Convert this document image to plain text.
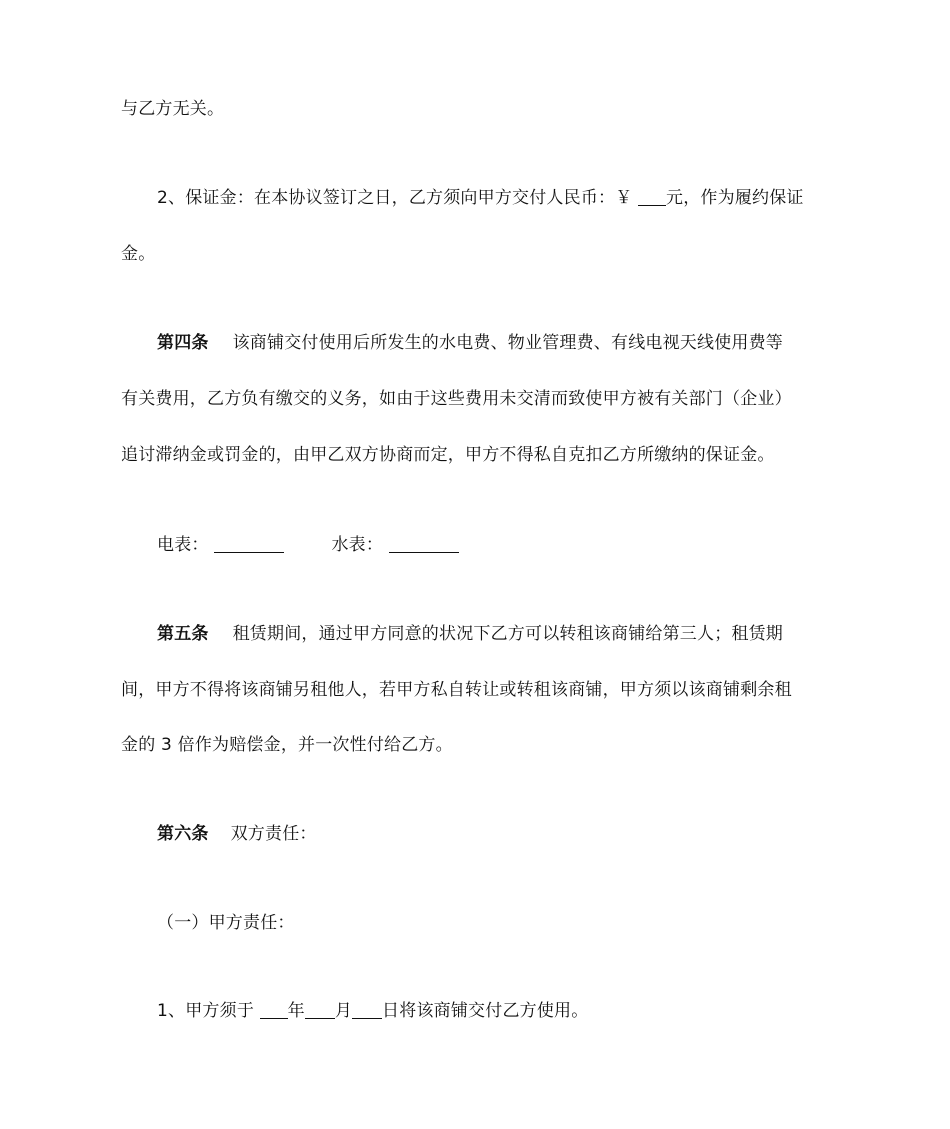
与乙方无关。
2、保证金：在本协议签订之日，乙方须向甲方交付人民币：￥ 元，作为履约保证
金。
第四条 该商铺交付使用后所发生的水电费、物业管理费、有线电视天线使用费等
有关费用，乙方负有缴交的义务，如由于这些费用未交清而致使甲方被有关部门（企业）
追讨滞纳金或罚金的，由甲乙双方协商而定，甲方不得私自克扣乙方所缴纳的保证金。
电表：	水表：
第五条 租赁期间，通过甲方同意的状况下乙方可以转租该商铺给第三人；租赁期
间，甲方不得将该商铺另租他人，若甲方私自转让或转租该商铺，甲方须以该商铺剩余租
金的 3 倍作为赔偿金，并一次性付给乙方。
第六条 双方责任：
（一）甲方责任：
1、甲方须于 年 月 日将该商铺交付乙方使用。
